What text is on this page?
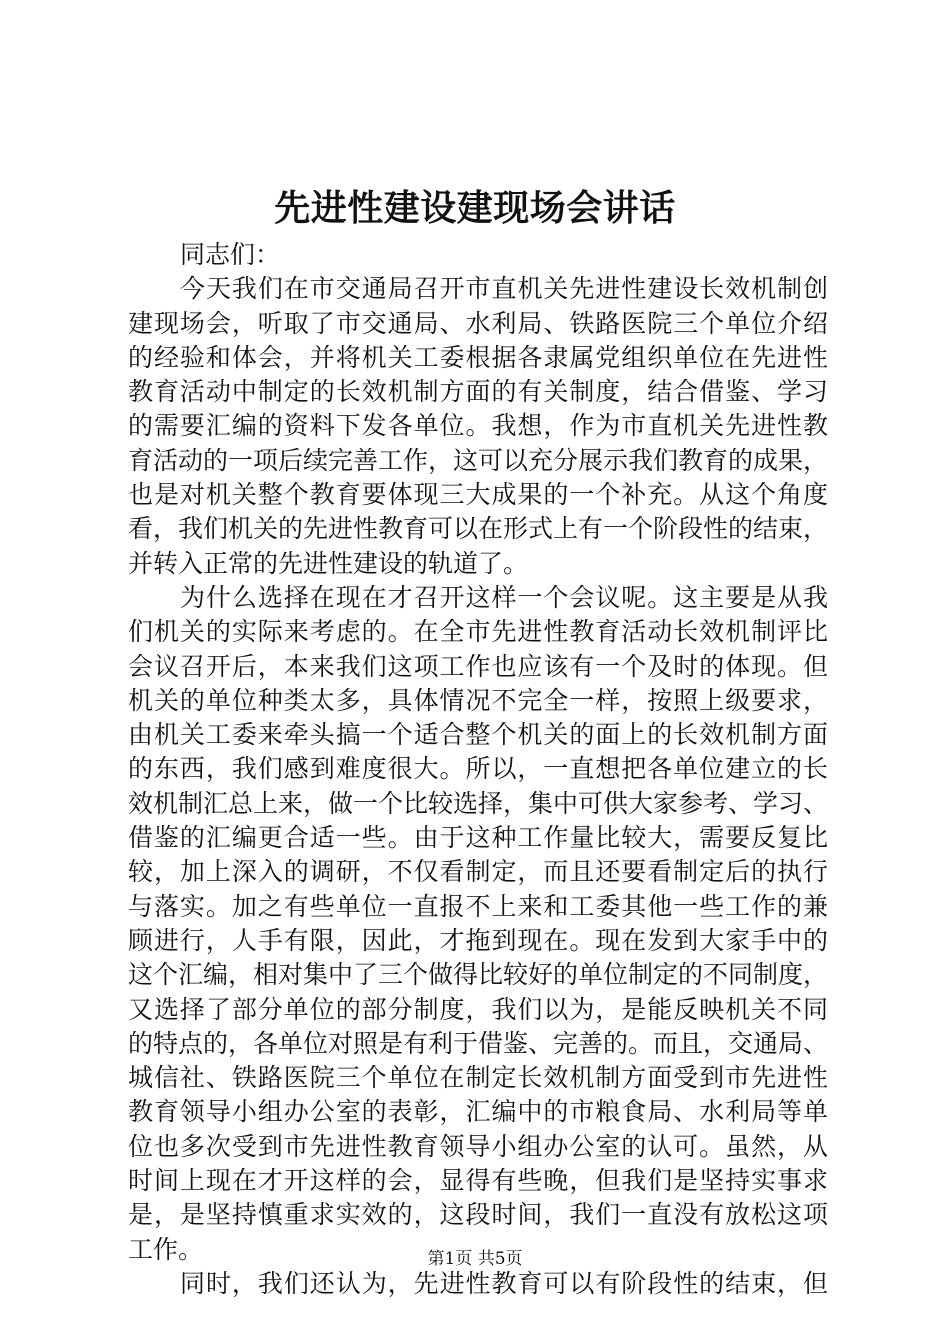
先进性建设建现场会讲话
同志们：
今天我们在市交通局召开市直机关先进性建设长效机制创
建现场会，听取了市交通局、水利局、铁路医院三个单位介绍
的经验和体会，并将机关工委根据各隶属党组织单位在先进性
教育活动中制定的长效机制方面的有关制度，结合借鉴、学习
的需要汇编的资料下发各单位。我想，作为市直机关先进性教
育活动的一项后续完善工作，这可以充分展示我们教育的成果，
也是对机关整个教育要体现三大成果的一个补充。从这个角度
看，我们机关的先进性教育可以在形式上有一个阶段性的结束，
并转入正常的先进性建设的轨道了。
为什么选择在现在才召开这样一个会议呢。这主要是从我
们机关的实际来考虑的。在全市先进性教育活动长效机制评比
会议召开后，本来我们这项工作也应该有一个及时的体现。但
机关的单位种类太多，具体情况不完全一样，按照上级要求，
由机关工委来牵头搞一个适合整个机关的面上的长效机制方面
的东西，我们感到难度很大。所以，一直想把各单位建立的长
效机制汇总上来，做一个比较选择，集中可供大家参考、学习、
借鉴的汇编更合适一些。由于这种工作量比较大，需要反复比
较，加上深入的调研，不仅看制定，而且还要看制定后的执行
与落实。加之有些单位一直报不上来和工委其他一些工作的兼
顾进行，人手有限，因此，才拖到现在。现在发到大家手中的
这个汇编，相对集中了三个做得比较好的单位制定的不同制度，
又选择了部分单位的部分制度，我们以为，是能反映机关不同
的特点的，各单位对照是有利于借鉴、完善的。而且，交通局、
城信社、铁路医院三个单位在制定长效机制方面受到市先进性
教育领导小组办公室的表彰，汇编中的市粮食局、水利局等单
位也多次受到市先进性教育领导小组办公室的认可。虽然，从
时间上现在才开这样的会，显得有些晚，但我们是坚持实事求
是，是坚持慎重求实效的，这段时间，我们一直没有放松这项
工作。
同时，我们还认为，先进性教育可以有阶段性的结束，但
第1页 共5页
